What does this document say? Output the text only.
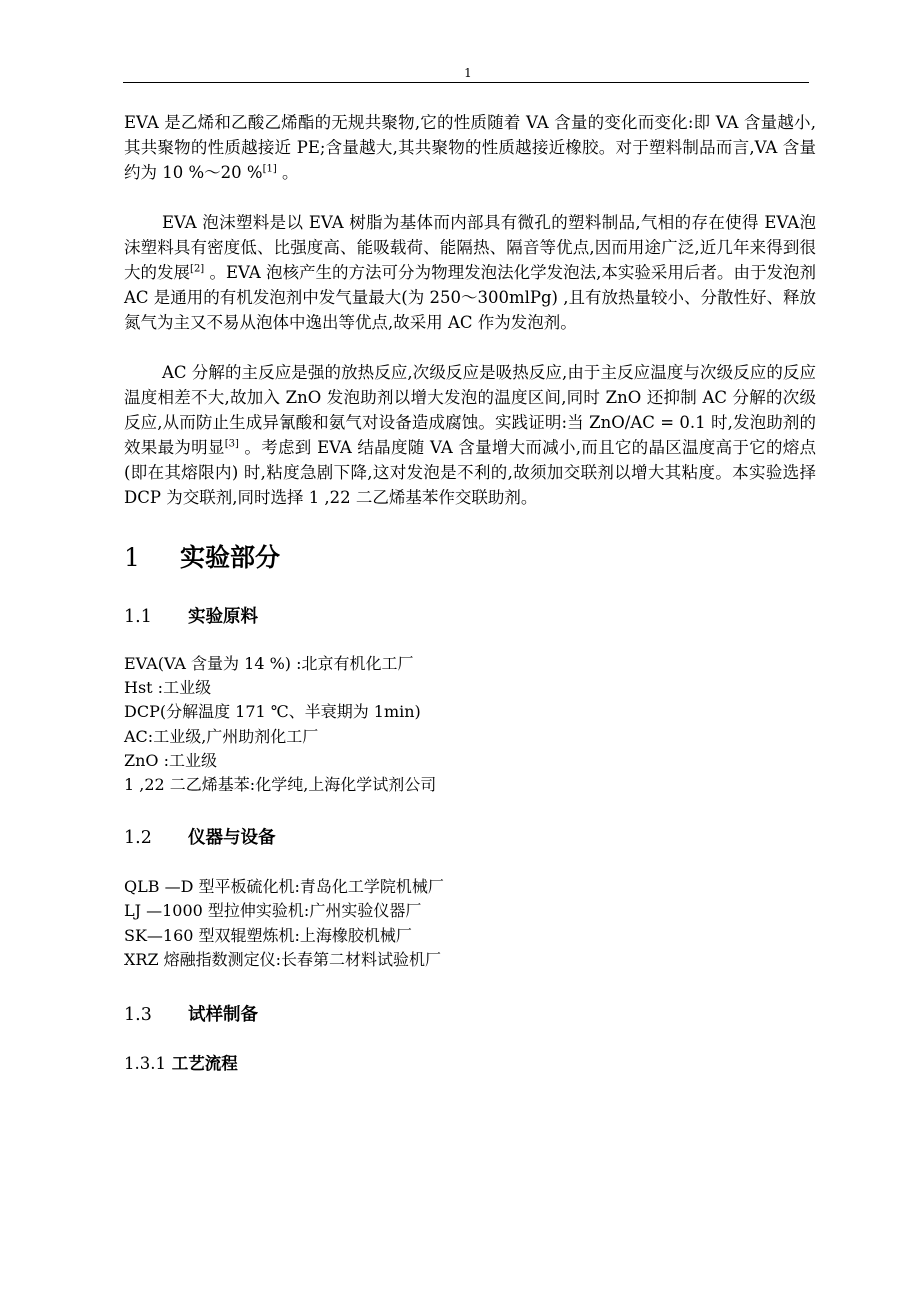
1

EVA 是乙烯和乙酸乙烯酯的无规共聚物,它的性质随着 VA 含量的变化而变化:即 VA 含量越小,其共聚物的性质越接近 PE;含量越大,其共聚物的性质越接近橡胶。对于塑料制品而言,VA 含量约为 10 %～20 %[1] 。

EVA 泡沫塑料是以 EVA 树脂为基体而内部具有微孔的塑料制品,气相的存在使得 EVA泡沫塑料具有密度低、比强度高、能吸载荷、能隔热、隔音等优点,因而用途广泛,近几年来得到很大的发展[2] 。EVA 泡核产生的方法可分为物理发泡法化学发泡法,本实验采用后者。由于发泡剂 AC 是通用的有机发泡剂中发气量最大(为 250～300mlPg) ,且有放热量较小、分散性好、释放氮气为主又不易从泡体中逸出等优点,故采用 AC 作为发泡剂。

AC 分解的主反应是强的放热反应,次级反应是吸热反应,由于主反应温度与次级反应的反应温度相差不大,故加入 ZnO 发泡助剂以增大发泡的温度区间,同时 ZnO 还抑制 AC 分解的次级反应,从而防止生成异氰酸和氨气对设备造成腐蚀。实践证明:当 ZnO/AC = 0.1 时,发泡助剂的效果最为明显[3] 。考虑到 EVA 结晶度随 VA 含量增大而减小,而且它的晶区温度高于它的熔点(即在其熔限内) 时,粘度急剧下降,这对发泡是不利的,故须加交联剂以增大其粘度。本实验选择 DCP 为交联剂,同时选择 1 ,22 二乙烯基苯作交联助剂。

1	实验部分
1.1	实验原料
EVA(VA 含量为 14 %) :北京有机化工厂
Hst :工业级
DCP(分解温度 171 ℃、半衰期为 1min)
AC:工业级,广州助剂化工厂
ZnO :工业级
1 ,22 二乙烯基苯:化学纯,上海化学试剂公司
1.2	仪器与设备
QLB —D 型平板硫化机:青岛化工学院机械厂
LJ —1000 型拉伸实验机:广州实验仪器厂
SK—160 型双辊塑炼机:上海橡胶机械厂
XRZ 熔融指数测定仪:长春第二材料试验机厂
1.3	试样制备
1.3.1 工艺流程
